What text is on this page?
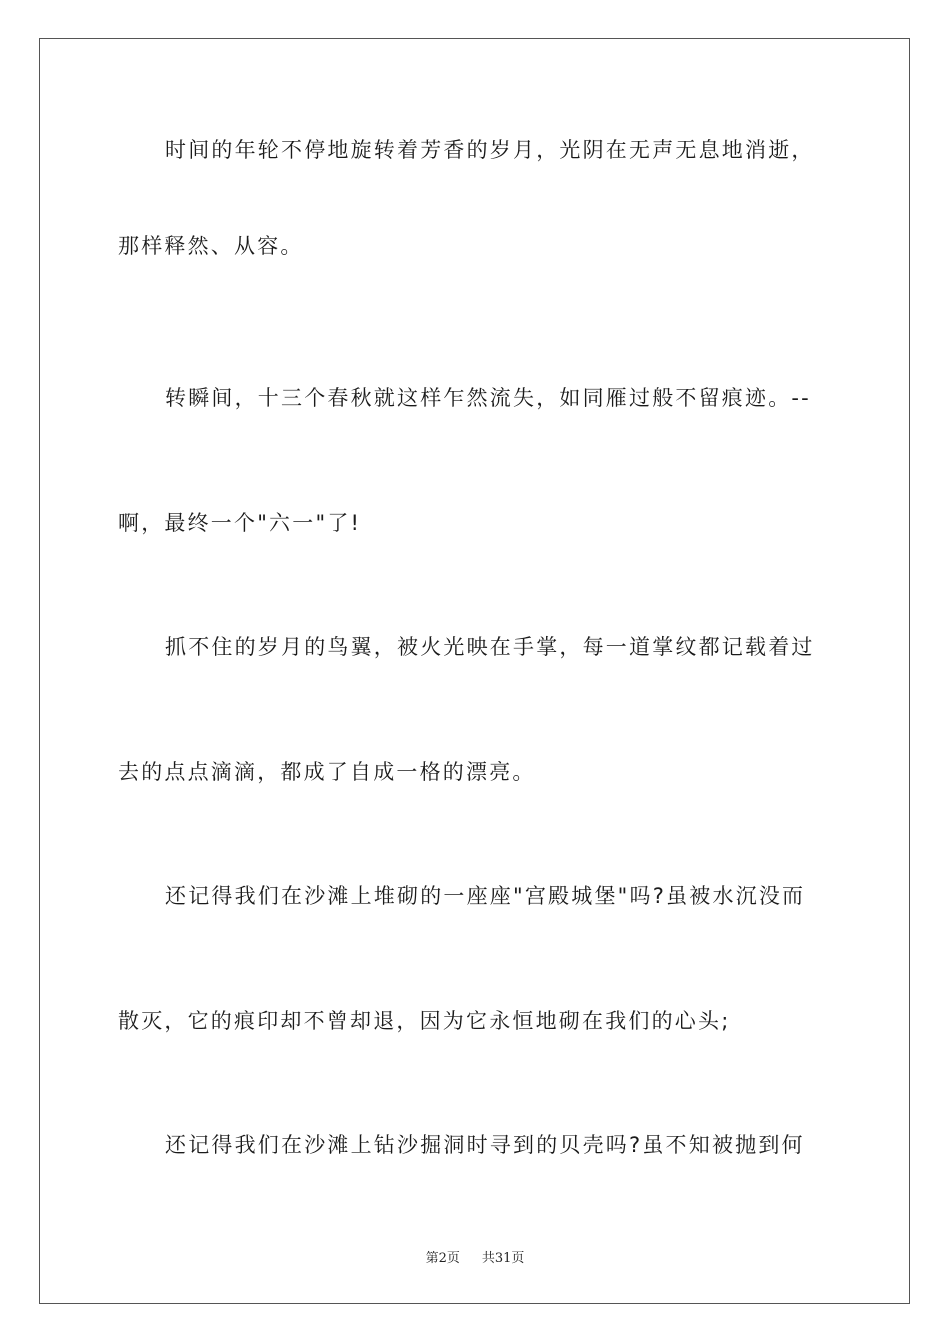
时间的年轮不停地旋转着芳香的岁月，光阴在无声无息地消逝，
那样释然、从容。
转瞬间，十三个春秋就这样乍然流失，如同雁过般不留痕迹。--
啊，最终一个"六一"了!
抓不住的岁月的鸟翼，被火光映在手掌，每一道掌纹都记载着过
去的点点滴滴，都成了自成一格的漂亮。
还记得我们在沙滩上堆砌的一座座"宫殿城堡"吗?虽被水沉没而
散灭，它的痕印却不曾却退，因为它永恒地砌在我们的心头;
还记得我们在沙滩上钻沙掘洞时寻到的贝壳吗?虽不知被抛到何
第2页 共31页
